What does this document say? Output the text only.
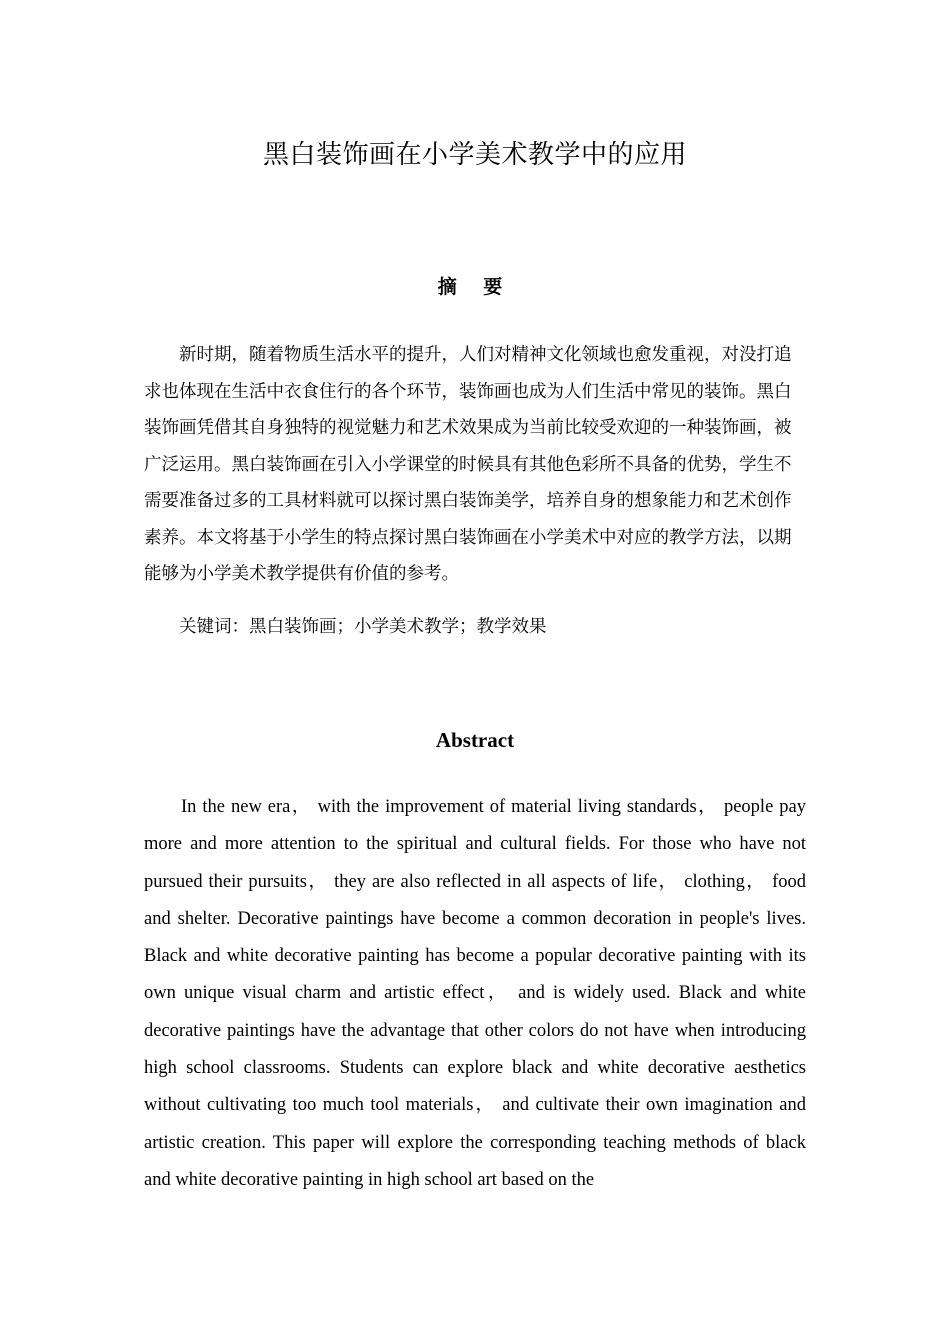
黑白装饰画在小学美术教学中的应用
摘 要

新时期，随着物质生活水平的提升，人们对精神文化领域也愈发重视，对没打追求也体现在生活中衣食住行的各个环节，装饰画也成为人们生活中常见的装饰。黑白装饰画凭借其自身独特的视觉魅力和艺术效果成为当前比较受欢迎的一种装饰画，被广泛运用。黑白装饰画在引入小学课堂的时候具有其他色彩所不具备的优势，学生不需要准备过多的工具材料就可以探讨黑白装饰美学，培养自身的想象能力和艺术创作素养。本文将基于小学生的特点探讨黑白装饰画在小学美术中对应的教学方法，以期能够为小学美术教学提供有价值的参考。

关键词：黑白装饰画；小学美术教学；教学效果
Abstract

In the new era， with the improvement of material living standards， people pay more and more attention to the spiritual and cultural fields. For those who have not pursued their pursuits， they are also reflected in all aspects of life， clothing， food and shelter. Decorative paintings have become a common decoration in people's lives. Black and white decorative painting has become a popular decorative painting with its own unique visual charm and artistic effect， and is widely used. Black and white decorative paintings have the advantage that other colors do not have when introducing high school classrooms. Students can explore black and white decorative aesthetics without cultivating too much tool materials， and cultivate their own imagination and artistic creation. This paper will explore the corresponding teaching methods of black and white decorative painting in high school art based on the
